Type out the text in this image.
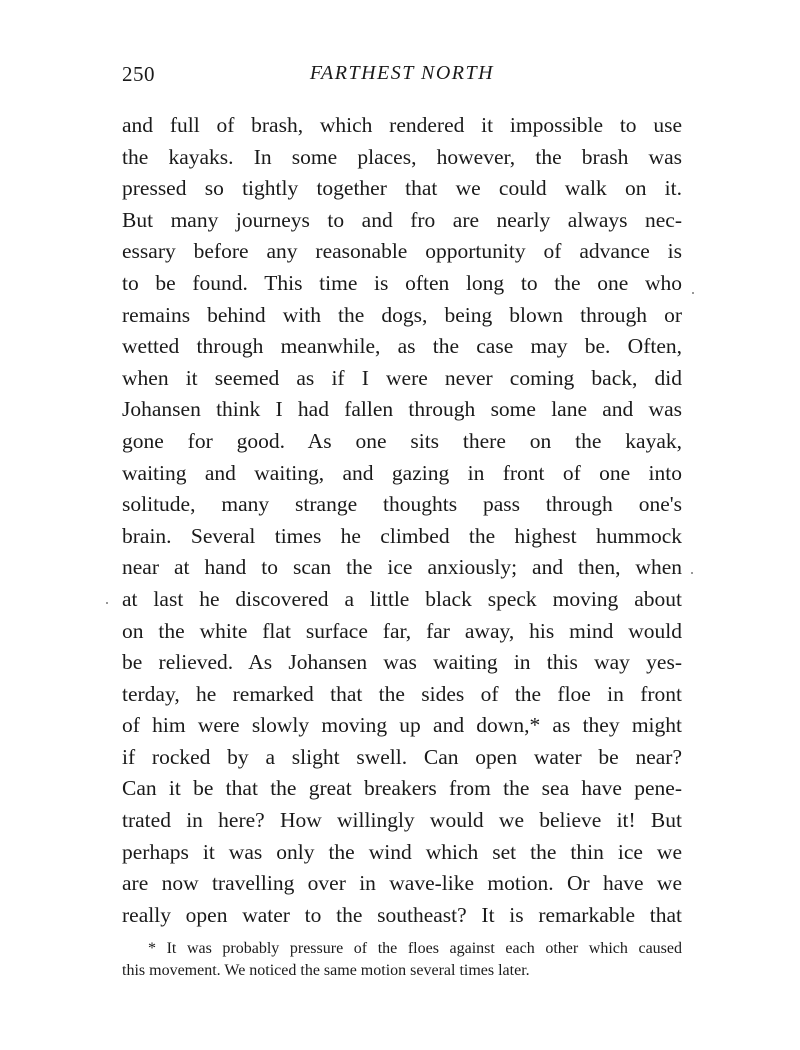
250	FARTHEST NORTH
and full of brash, which rendered it impossible to use
the kayaks. In some places, however, the brash was
pressed so tightly together that we could walk on it.
But many journeys to and fro are nearly always nec-
essary before any reasonable opportunity of advance is
to be found. This time is often long to the one who
remains behind with the dogs, being blown through or
wetted through meanwhile, as the case may be. Often,
when it seemed as if I were never coming back, did
Johansen think I had fallen through some lane and was
gone for good. As one sits there on the kayak,
waiting and waiting, and gazing in front of one into
solitude, many strange thoughts pass through one's
brain. Several times he climbed the highest hummock
near at hand to scan the ice anxiously; and then, when
at last he discovered a little black speck moving about
on the white flat surface far, far away, his mind would
be relieved. As Johansen was waiting in this way yes-
terday, he remarked that the sides of the floe in front
of him were slowly moving up and down,* as they might
if rocked by a slight swell. Can open water be near?
Can it be that the great breakers from the sea have pene-
trated in here? How willingly would we believe it! But
perhaps it was only the wind which set the thin ice we
are now travelling over in wave-like motion. Or have we
really open water to the southeast? It is remarkable that
* It was probably pressure of the floes against each other which caused
this movement. We noticed the same motion several times later.
